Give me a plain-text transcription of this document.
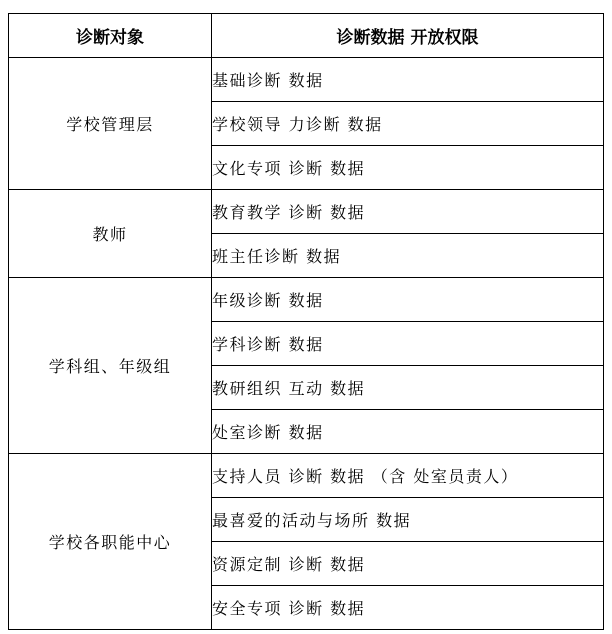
诊断对象	诊断数据 开放权限
学校管理层	基础诊断 数据
	学校领导 力诊断 数据
	文化专项 诊断 数据
教师	教育教学 诊断 数据
	班主任诊断 数据
学科组、年级组	年级诊断 数据
	学科诊断 数据
	教研组织 互动 数据
	处室诊断 数据
学校各职能中心	支持人员 诊断 数据 （含 处室员责人）
	最喜爱的活动与场所 数据
	资源定制 诊断 数据
	安全专项 诊断 数据
